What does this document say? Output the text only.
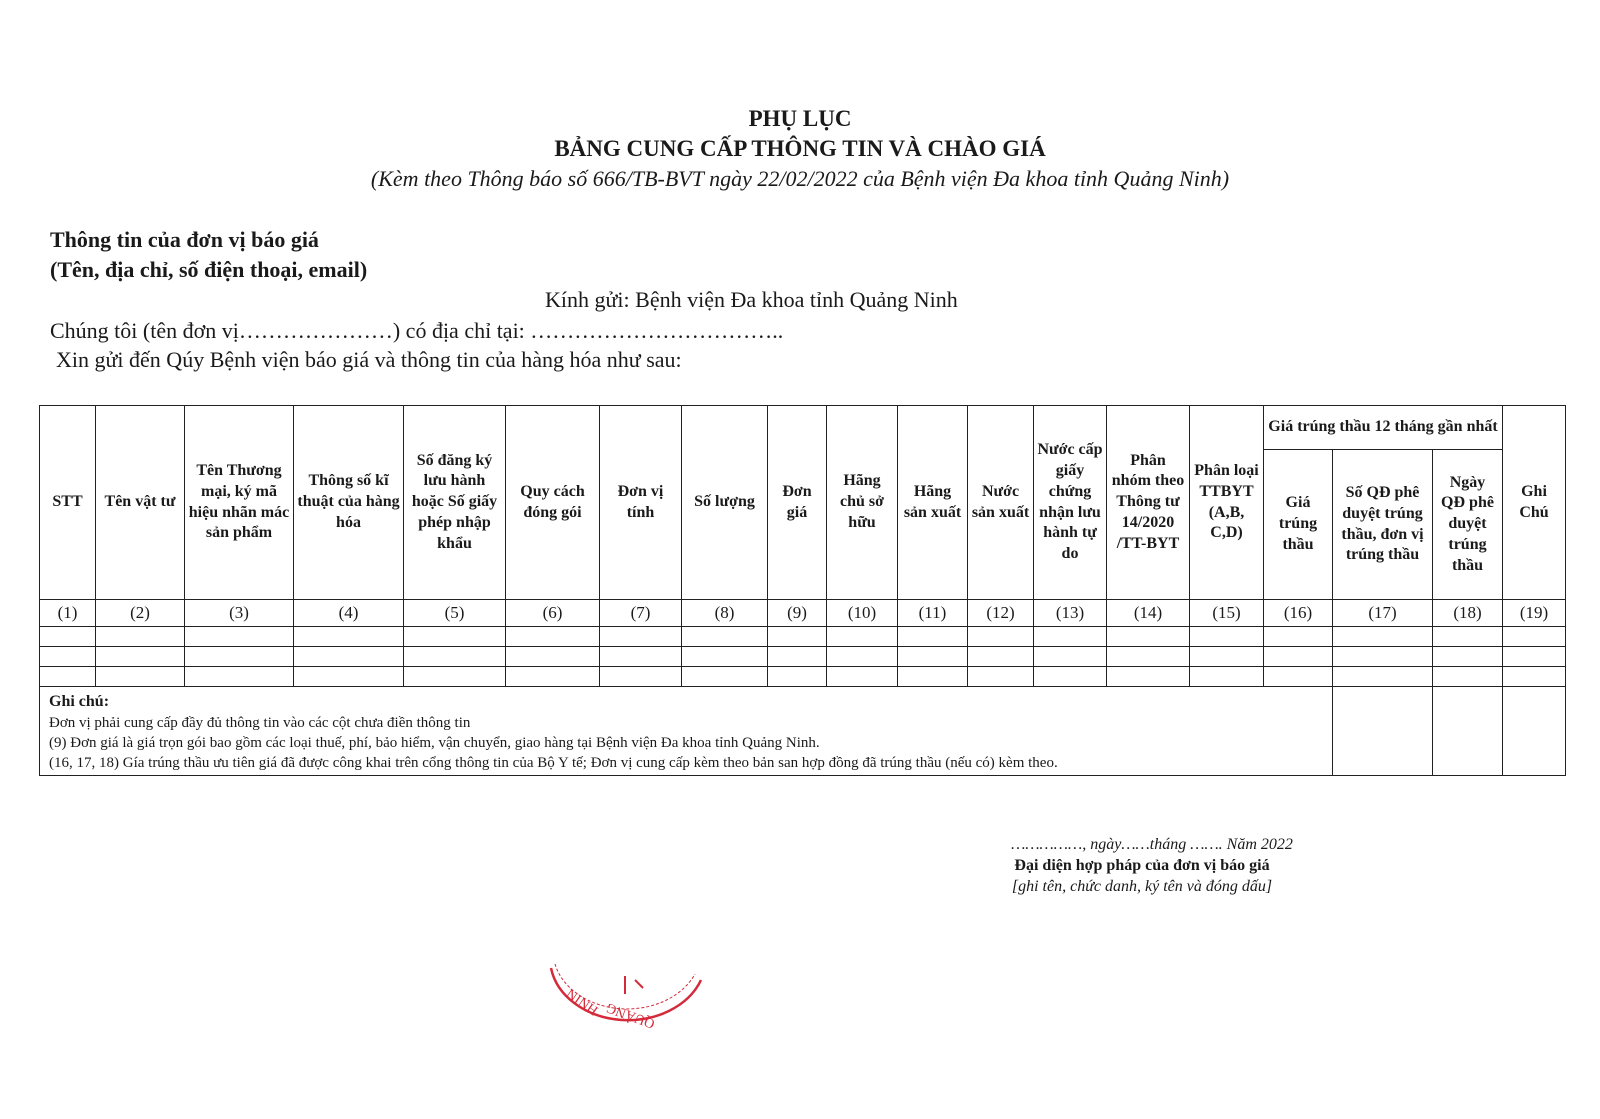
PHỤ LỤC
BẢNG CUNG CẤP THÔNG TIN VÀ CHÀO GIÁ
(Kèm theo Thông báo số 666/TB-BVT ngày 22/02/2022 của Bệnh viện Đa khoa tỉnh Quảng Ninh)
Thông tin của đơn vị báo giá
(Tên, địa chỉ, số điện thoại, email)
Kính gửi: Bệnh viện Đa khoa tỉnh Quảng Ninh
Chúng tôi (tên đơn vị…………………) có địa chỉ tại: ……………………………..
Xin gửi đến Qúy Bệnh viện báo giá và thông tin của hàng hóa như sau:
STT	Tên vật tư	Tên Thương mại, ký mã hiệu nhãn mác sản phẩm	Thông số kĩ thuật của hàng hóa	Số đăng ký lưu hành hoặc Số giấy phép nhập khẩu	Quy cách đóng gói	Đơn vị tính	Số lượng	Đơn giá	Hãng chủ sở hữu	Hãng sản xuất	Nước sản xuất	Nước cấp giấy chứng nhận lưu hành tự do	Phân nhóm theo Thông tư 14/2020 /TT-BYT	Phân loại TTBYT (A,B, C,D)	Giá trúng thầu 12 tháng gần nhất			Ghi Chú
															Giá trúng thầu	Số QĐ phê duyệt trúng thầu, đơn vị trúng thầu	Ngày QĐ phê duyệt trúng thầu	
(1)	(2)	(3)	(4)	(5)	(6)	(7)	(8)	(9)	(10)	(11)	(12)	(13)	(14)	(15)	(16)	(17)	(18)	(19)

Ghi chú:
Đơn vị phải cung cấp đầy đủ thông tin vào các cột chưa điền thông tin
(9) Đơn giá là giá trọn gói bao gồm các loại thuế, phí, bảo hiểm, vận chuyển, giao hàng tại Bệnh viện Đa khoa tỉnh Quảng Ninh.
(16, 17, 18) Gía trúng thầu ưu tiên giá đã được công khai trên cổng thông tin của Bộ Y tế; Đơn vị cung cấp kèm theo bản san hợp đồng đã trúng thầu (nếu có) kèm theo.																		

……………, ngày……tháng ……. Năm 2022
Đại diện hợp pháp của đơn vị báo giá
[ghi tên, chức danh, ký tên và đóng dấu]
NINH QUẢNG
